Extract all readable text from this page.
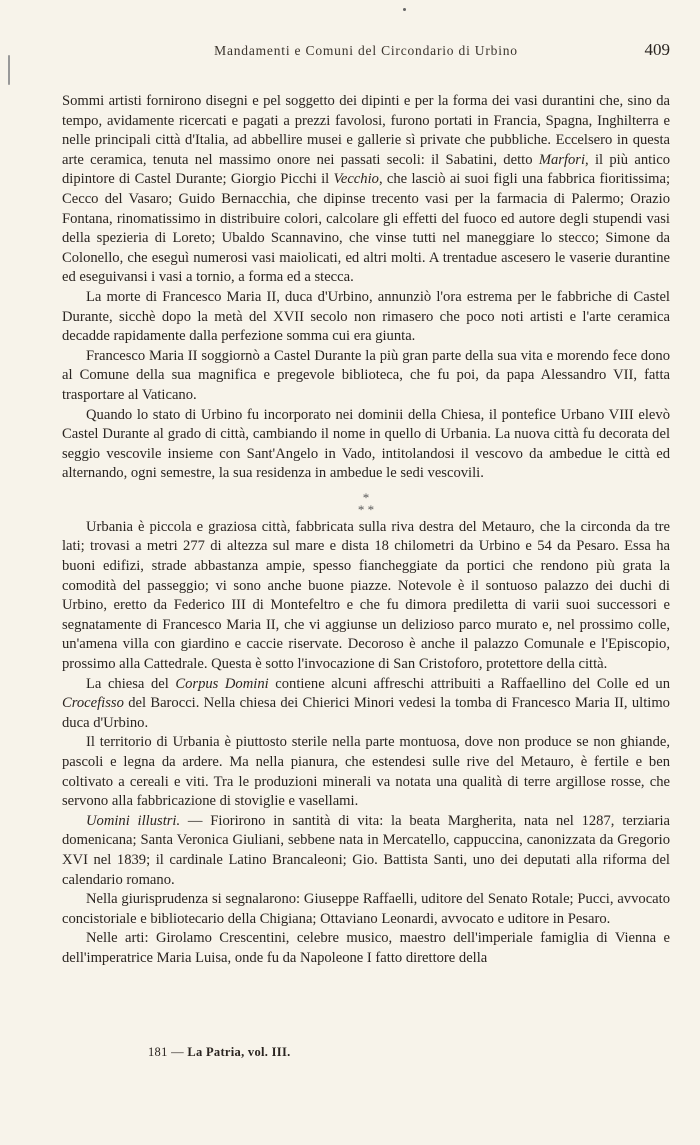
Mandamenti e Comuni del Circondario di Urbino	409

Sommi artisti fornirono disegni e pel soggetto dei dipinti e per la forma dei vasi durantini che, sino da tempo, avidamente ricercati e pagati a prezzi favolosi, furono portati in Francia, Spagna, Inghilterra e nelle principali città d'Italia, ad abbellire musei e gallerie sì private che pubbliche. Eccelsero in questa arte ceramica, tenuta nel massimo onore nei passati secoli: il Sabatini, detto Marfori, il più antico dipintore di Castel Durante; Giorgio Picchi il Vecchio, che lasciò ai suoi figli una fabbrica fioritissima; Cecco del Vasaro; Guido Bernacchia, che dipinse trecento vasi per la farmacia di Palermo; Orazio Fontana, rinomatissimo in distribuire colori, calcolare gli effetti del fuoco ed autore degli stupendi vasi della spezieria di Loreto; Ubaldo Scannavino, che vinse tutti nel maneggiare lo stecco; Simone da Colonello, che eseguì numerosi vasi maiolicati, ed altri molti. A trentadue ascesero le vaserie durantine ed eseguivansi i vasi a tornio, a forma ed a stecca.

La morte di Francesco Maria II, duca d'Urbino, annunziò l'ora estrema per le fabbriche di Castel Durante, sicchè dopo la metà del XVII secolo non rimasero che poco noti artisti e l'arte ceramica decadde rapidamente dalla perfezione somma cui era giunta.

Francesco Maria II soggiornò a Castel Durante la più gran parte della sua vita e morendo fece dono al Comune della sua magnifica e pregevole biblioteca, che fu poi, da papa Alessandro VII, fatta trasportare al Vaticano.

Quando lo stato di Urbino fu incorporato nei dominii della Chiesa, il pontefice Urbano VIII elevò Castel Durante al grado di città, cambiando il nome in quello di Urbania. La nuova città fu decorata del seggio vescovile insieme con Sant'Angelo in Vado, intitolandosi il vescovo da ambedue le città ed alternando, ogni semestre, la sua residenza in ambedue le sedi vescovili.

*
* *

Urbania è piccola e graziosa città, fabbricata sulla riva destra del Metauro, che la circonda da tre lati; trovasi a metri 277 di altezza sul mare e dista 18 chilometri da Urbino e 54 da Pesaro. Essa ha buoni edifizi, strade abbastanza ampie, spesso fiancheggiate da portici che rendono più grata la comodità del passeggio; vi sono anche buone piazze. Notevole è il sontuoso palazzo dei duchi di Urbino, eretto da Federico III di Montefeltro e che fu dimora prediletta di varii suoi successori e segnatamente di Francesco Maria II, che vi aggiunse un delizioso parco murato e, nel prossimo colle, un'amena villa con giardino e caccie riservate. Decoroso è anche il palazzo Comunale e l'Episcopio, prossimo alla Cattedrale. Questa è sotto l'invocazione di San Cristoforo, protettore della città.

La chiesa del Corpus Domini contiene alcuni affreschi attribuiti a Raffaellino del Colle ed un Crocefisso del Barocci. Nella chiesa dei Chierici Minori vedesi la tomba di Francesco Maria II, ultimo duca d'Urbino.

Il territorio di Urbania è piuttosto sterile nella parte montuosa, dove non produce se non ghiande, pascoli e legna da ardere. Ma nella pianura, che estendesi sulle rive del Metauro, è fertile e ben coltivato a cereali e viti. Tra le produzioni minerali va notata una qualità di terre argillose rosse, che servono alla fabbricazione di stoviglie e vasellami.

Uomini illustri. — Fiorirono in santità di vita: la beata Margherita, nata nel 1287, terziaria domenicana; Santa Veronica Giuliani, sebbene nata in Mercatello, cappuccina, canonizzata da Gregorio XVI nel 1839; il cardinale Latino Brancaleoni; Gio. Battista Santi, uno dei deputati alla riforma del calendario romano.

Nella giurisprudenza si segnalarono: Giuseppe Raffaelli, uditore del Senato Rotale; Pucci, avvocato concistoriale e bibliotecario della Chigiana; Ottaviano Leonardi, avvocato e uditore in Pesaro.

Nelle arti: Girolamo Crescentini, celebre musico, maestro dell'imperiale famiglia di Vienna e dell'imperatrice Maria Luisa, onde fu da Napoleone I fatto direttore della

181 — La Patria, vol. III.
